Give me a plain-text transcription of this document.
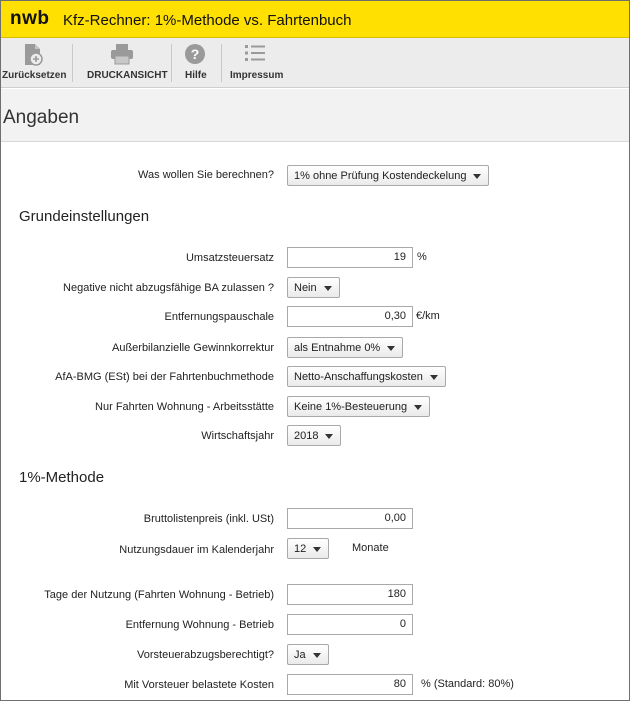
nwb Kfz-Rechner: 1%-Methode vs. Fahrtenbuch
Zurücksetzen DRUCKANSICHT
?
Hilfe Impressum
Angaben
Was wollen Sie berechnen?	1% ohne Prüfung Kostendeckelung
Grundeinstellungen
Umsatzsteuersatz	19	%
Negative nicht abzugsfähige BA zulassen ?	Nein
Entfernungspauschale	0,30 €/km
Außerbilanzielle Gewinnkorrektur	als Entnahme 0%
AfA-BMG (ESt) bei der Fahrtenbuchmethode	Netto-Anschaffungskosten
Nur Fahrten Wohnung - Arbeitsstätte	Keine 1%-Besteuerung
Wirtschaftsjahr	2018
1%-Methode
Bruttolistenpreis (inkl. USt)	0,00
Nutzungsdauer im Kalenderjahr	12	Monate
Tage der Nutzung (Fahrten Wohnung - Betrieb)	180
Entfernung Wohnung - Betrieb	0
Vorsteuerabzugsberechtigt?	Ja
Mit Vorsteuer belastete Kosten	80	% (Standard: 80%)
